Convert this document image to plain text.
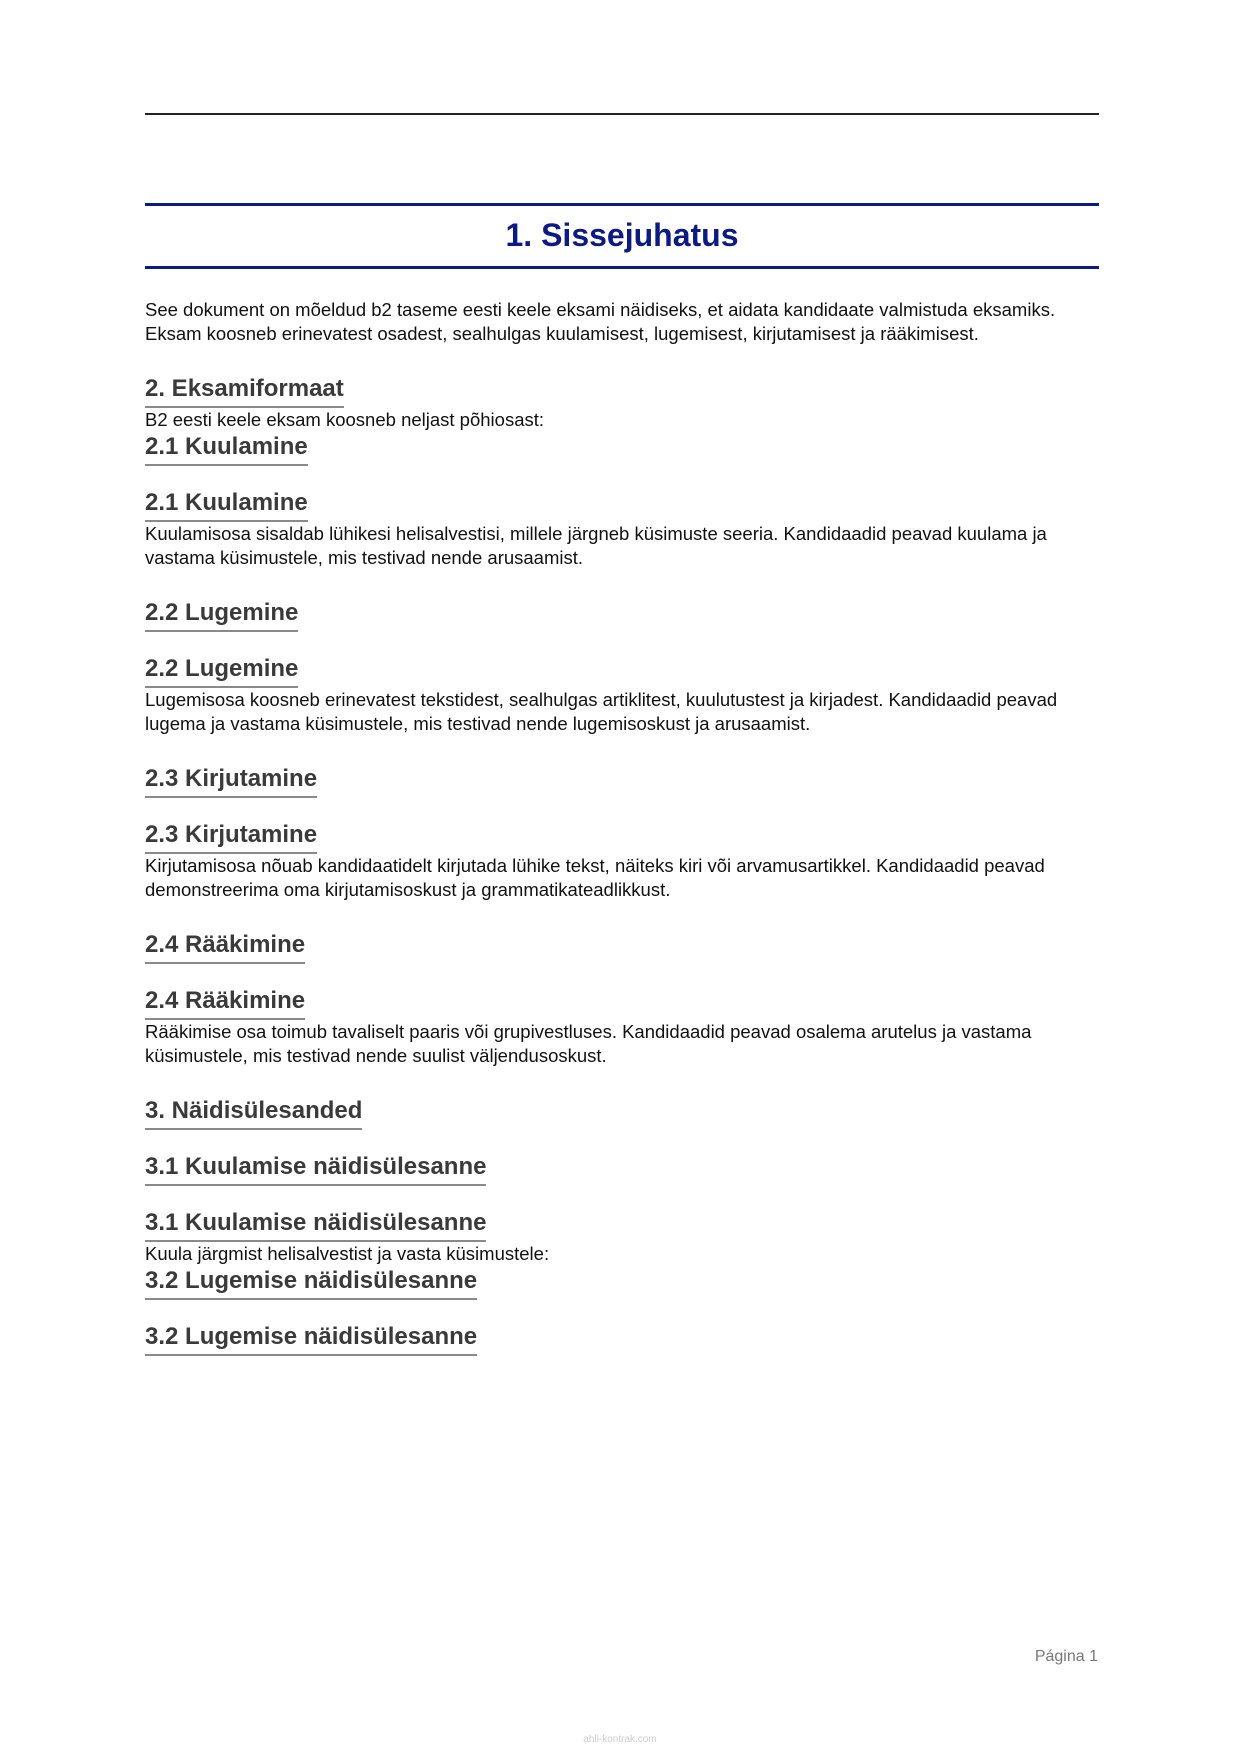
1. Sissejuhatus

See dokument on mõeldud b2 taseme eesti keele eksami näidiseks, et aidata kandidaate valmistuda eksamiks. Eksam koosneb erinevatest osadest, sealhulgas kuulamisest, lugemisest, kirjutamisest ja rääkimisest.

2. Eksamiformaat

B2 eesti keele eksam koosneb neljast põhiosast:

2.1 Kuulamine
2.1 Kuulamine

Kuulamisosa sisaldab lühikesi helisalvestisi, millele järgneb küsimuste seeria. Kandidaadid peavad kuulama ja vastama küsimustele, mis testivad nende arusaamist.

2.2 Lugemine
2.2 Lugemine

Lugemisosa koosneb erinevatest tekstidest, sealhulgas artiklitest, kuulutustest ja kirjadest. Kandidaadid peavad lugema ja vastama küsimustele, mis testivad nende lugemisoskust ja arusaamist.

2.3 Kirjutamine
2.3 Kirjutamine

Kirjutamisosa nõuab kandidaatidelt kirjutada lühike tekst, näiteks kiri või arvamusartikkel. Kandidaadid peavad demonstreerima oma kirjutamisoskust ja grammatikateadlikkust.

2.4 Rääkimine
2.4 Rääkimine

Rääkimise osa toimub tavaliselt paaris või grupivestluses. Kandidaadid peavad osalema arutelus ja vastama küsimustele, mis testivad nende suulist väljendusoskust.

3. Näidisülesanded
3.1 Kuulamise näidisülesanne
3.1 Kuulamise näidisülesanne

Kuula järgmist helisalvestist ja vasta küsimustele:

3.2 Lugemise näidisülesanne
3.2 Lugemise näidisülesanne
Página 1
ahli-kontrak.com
